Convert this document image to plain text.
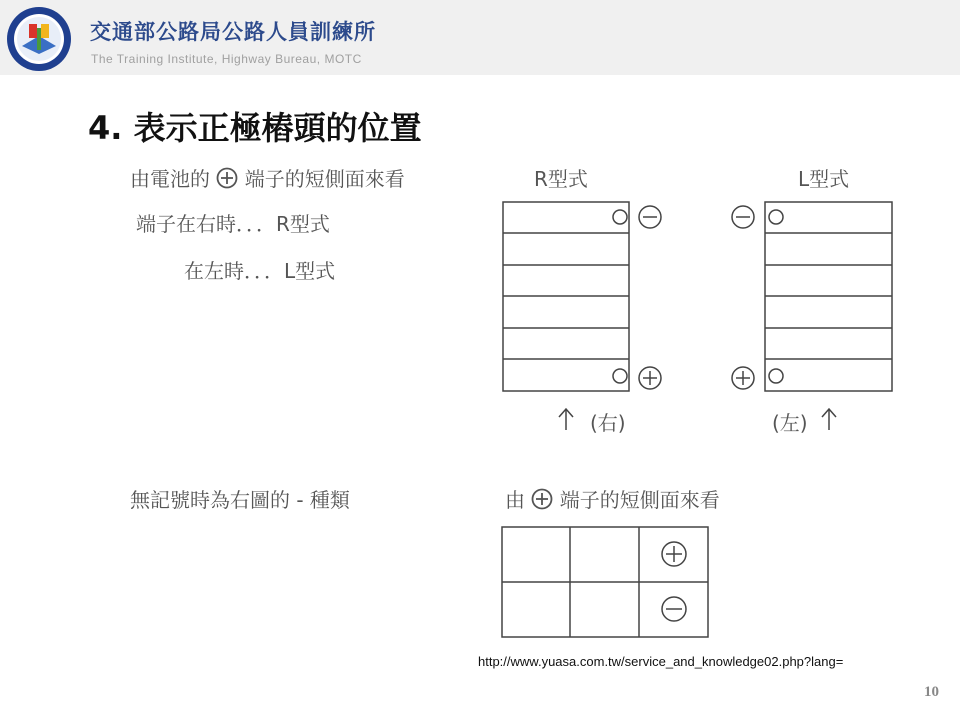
交通部公路局公路人員訓練所
The Training Institute, Highway Bureau, MOTC
4. 表示正極樁頭的位置
由電池的 端子的短側面來看
端子在右時．．．R型式
在左時．．．L型式
無記號時為右圖的 - 種類
R型式	L型式
(右)	(左)
由 端子的短側面來看
http://www.yuasa.com.tw/service_and_knowledge02.php?lang=
10
